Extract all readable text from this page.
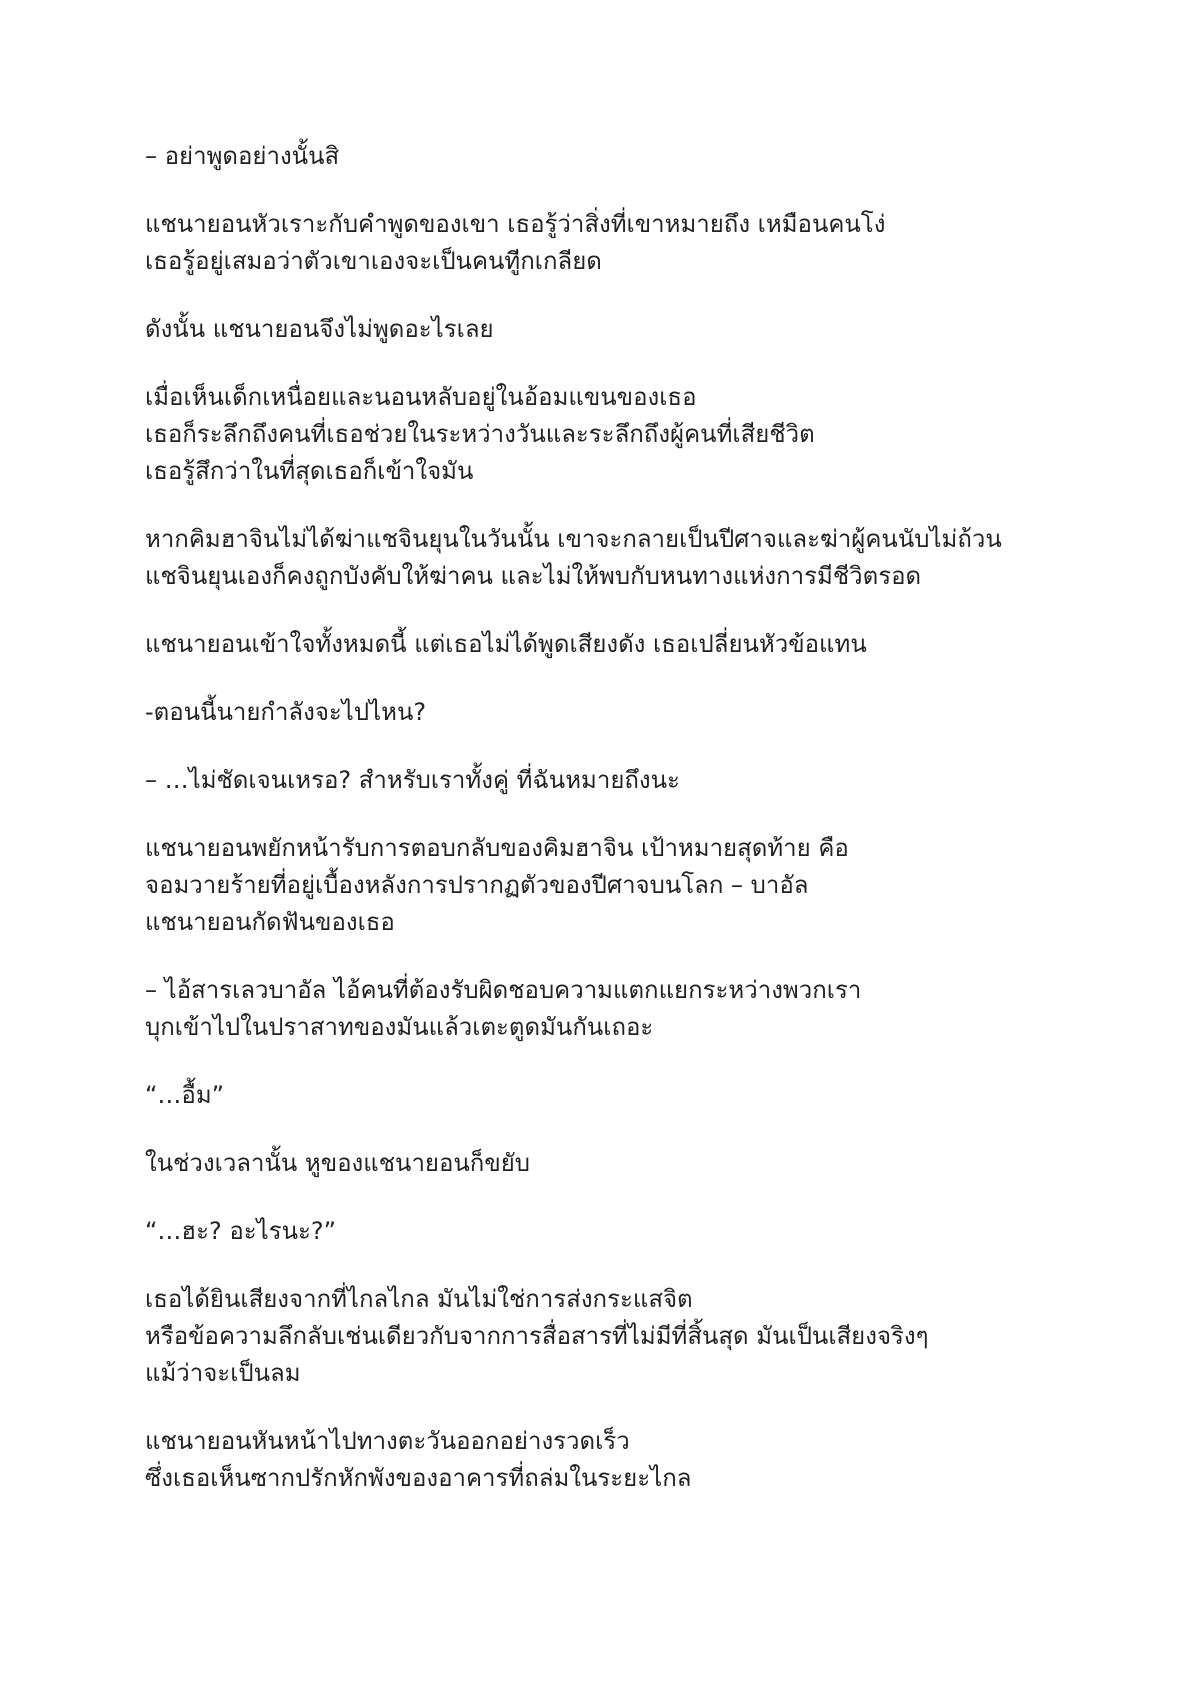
– อย่าพูดอย่างนั้นสิ

แชนายอนหัวเราะกับคำพูดของเขา เธอรู้ว่าสิ่งที่เขาหมายถึง เหมือนคนโง่
เธอรู้อยู่เสมอว่าตัวเขาเองจะเป็นคนทีู่กเกลียด

ดังนั้น แชนายอนจึงไม่พูดอะไรเลย

เมื่อเห็นเด็กเหนื่อยและนอนหลับอยู่ในอ้อมแขนของเธอ
เธอก็ระลึกถึงคนที่เธอช่วยในระหว่างวันและระลึกถึงผู้คนที่เสียชีวิต
เธอรู้สึกว่าในที่สุดเธอก็เข้าใจมัน

หากคิมฮาจินไม่ได้ฆ่าแชจินยุนในวันนั้น เขาจะกลายเป็นปีศาจและฆ่าผู้คนนับไม่ถ้วน
แชจินยุนเองก็คงถูกบังคับให้ฆ่าคน และไม่ให้พบกับหนทางแห่งการมีชีวิตรอด

แชนายอนเข้าใจทั้งหมดนี้ แต่เธอไม่ได้พูดเสียงดัง เธอเปลี่ยนหัวข้อแทน

-ตอนนี้นายกำลังจะไปไหน?

– …ไม่ชัดเจนเหรอ? สำหรับเราทั้งคู่ ที่ฉันหมายถึงนะ

แชนายอนพยักหน้ารับการตอบกลับของคิมฮาจิน เป้าหมายสุดท้าย คือ
จอมวายร้ายที่อยู่เบื้องหลังการปรากฏตัวของปีศาจบนโลก – บาอัล
แชนายอนกัดฟันของเธอ

– ไอ้สารเลวบาอัล ไอ้คนที่ต้องรับผิดชอบความแตกแยกระหว่างพวกเรา
บุกเข้าไปในปราสาทของมันแล้วเตะตูดมันกันเถอะ

“…อื้ม”

ในช่วงเวลานั้น หูของแชนายอนก็ขยับ

“…ฮะ? อะไรนะ?”

เธอได้ยินเสียงจากที่ไกลไกล มันไม่ใช่การส่งกระแสจิต
หรือข้อความลึกลับเช่นเดียวกับจากการสื่อสารที่ไม่มีที่สิ้นสุด มันเป็นเสียงจริงๆ
แม้ว่าจะเป็นลม

แชนายอนหันหน้าไปทางตะวันออกอย่างรวดเร็ว
ซึ่งเธอเห็นซากปรักหักพังของอาคารที่ถล่มในระยะไกล
